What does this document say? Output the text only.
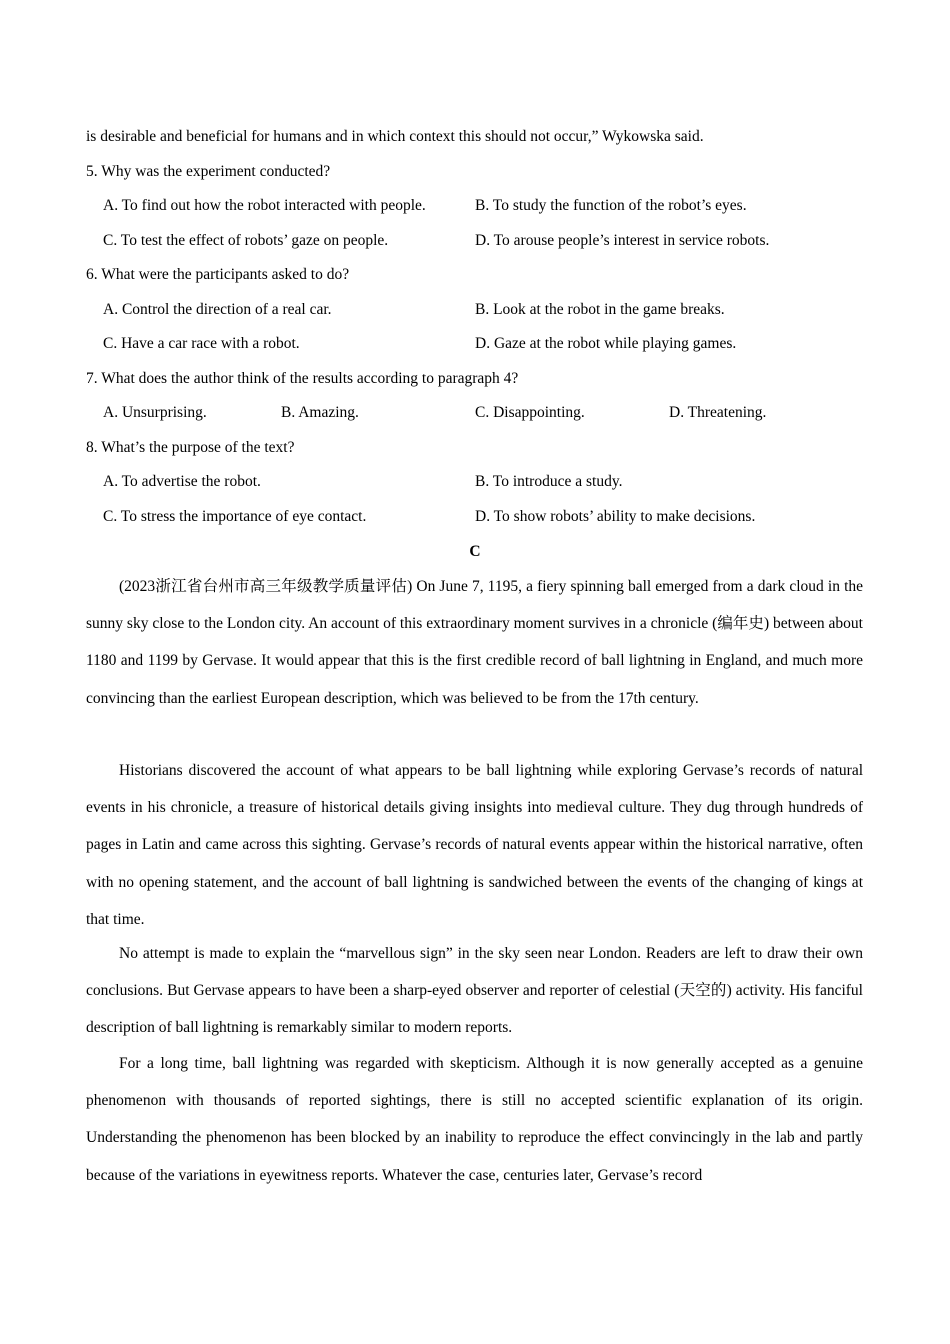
is desirable and beneficial for humans and in which context this should not occur,” Wykowska said.
5. Why was the experiment conducted?
A. To find out how the robot interacted with people.	B. To study the function of the robot’s eyes.
C. To test the effect of robots’ gaze on people.	D. To arouse people’s interest in service robots.
6. What were the participants asked to do?
A. Control the direction of a real car.	B. Look at the robot in the game breaks.
C. Have a car race with a robot.	D. Gaze at the robot while playing games.
7. What does the author think of the results according to paragraph 4?
A. Unsurprising.	B. Amazing.	C. Disappointing.	D. Threatening.
8. What’s the purpose of the text?
A. To advertise the robot.	B. To introduce a study.
C. To stress the importance of eye contact.	D. To show robots’ ability to make decisions.
C

(2023浙江省台州市高三年级教学质量评估) On June 7, 1195, a fiery spinning ball emerged from a dark cloud in the sunny sky close to the London city. An account of this extraordinary moment survives in a chronicle (编年史) between about 1180 and 1199 by Gervase. It would appear that this is the first credible record of ball lightning in England, and much more convincing than the earliest European description, which was believed to be from the 17th century.

Historians discovered the account of what appears to be ball lightning while exploring Gervase’s records of natural events in his chronicle, a treasure of historical details giving insights into medieval culture. They dug through hundreds of pages in Latin and came across this sighting. Gervase’s records of natural events appear within the historical narrative, often with no opening statement, and the account of ball lightning is sandwiched between the events of the changing of kings at that time.

No attempt is made to explain the “marvellous sign” in the sky seen near London. Readers are left to draw their own conclusions. But Gervase appears to have been a sharp-eyed observer and reporter of celestial (天空的) activity. His fanciful description of ball lightning is remarkably similar to modern reports.

For a long time, ball lightning was regarded with skepticism. Although it is now generally accepted as a genuine phenomenon with thousands of reported sightings, there is still no accepted scientific explanation of its origin. Understanding the phenomenon has been blocked by an inability to reproduce the effect convincingly in the lab and partly because of the variations in eyewitness reports. Whatever the case, centuries later, Gervase’s record
